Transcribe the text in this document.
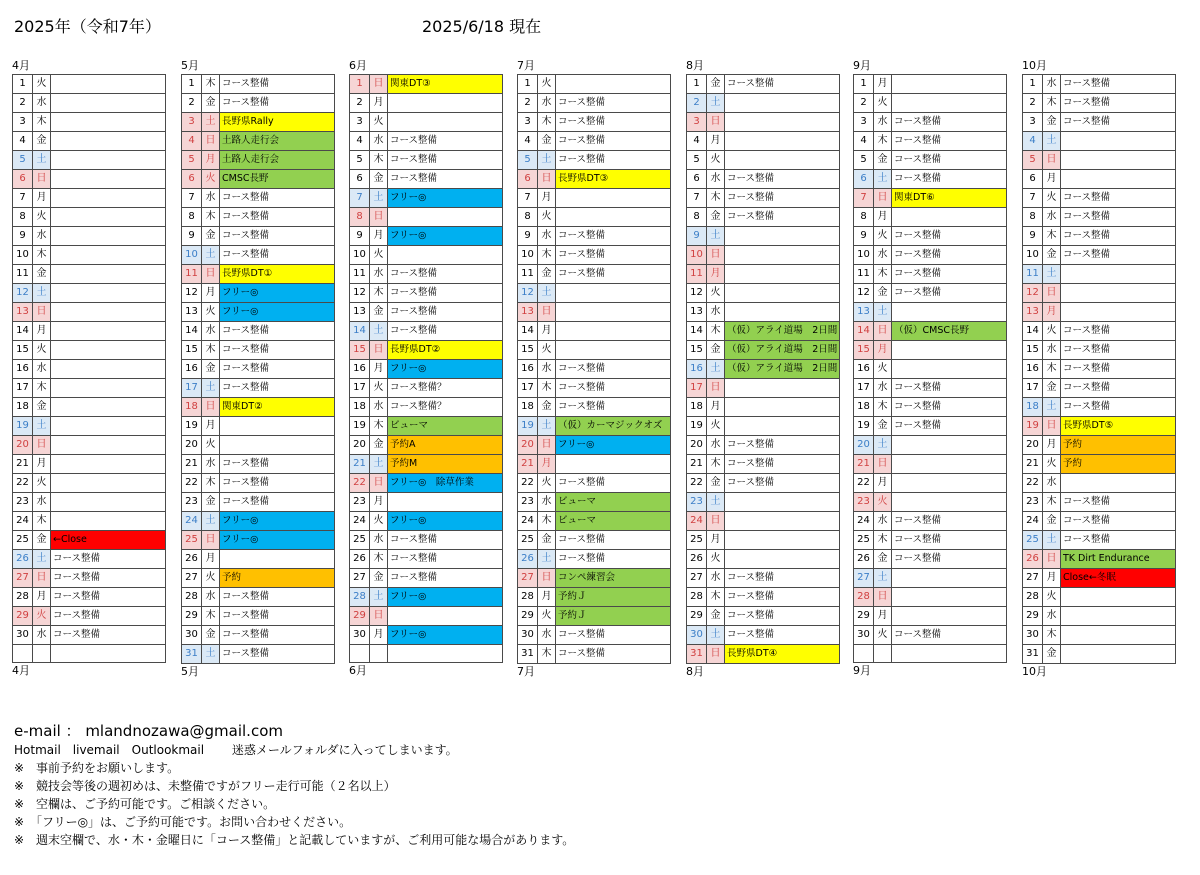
2025年（令和7年）	2025/6/18 現在
4月
1	火	
2	水	
3	木	
4	金	
5	土	
6	日	
7	月	
8	火	
9	水	
10	木	
11	金	
12	土	
13	日	
14	月	
15	火	
16	水	
17	木	
18	金	
19	土	
20	日	
21	月	
22	火	
23	水	
24	木	
25	金	←Close
26	土	コース整備
27	日	コース整備
28	月	コース整備
29	火	コース整備
30	水	コース整備

4月
5月
1	木	コース整備
2	金	コース整備
3	土	長野県Rally
4	日	土路人走行会
5	月	土路人走行会
6	火	CMSC長野
7	水	コース整備
8	木	コース整備
9	金	コース整備
10	土	コース整備
11	日	長野県DT①
12	月	フリー◎
13	火	フリー◎
14	水	コース整備
15	木	コース整備
16	金	コース整備
17	土	コース整備
18	日	関東DT②
19	月	
20	火	
21	水	コース整備
22	木	コース整備
23	金	コース整備
24	土	フリー◎
25	日	フリー◎
26	月	
27	火	予約
28	水	コース整備
29	木	コース整備
30	金	コース整備
31	土	コース整備
5月
6月
1	日	関東DT③
2	月	
3	火	
4	水	コース整備
5	木	コース整備
6	金	コース整備
7	土	フリー◎
8	日	
9	月	フリー◎
10	火	
11	水	コース整備
12	木	コース整備
13	金	コース整備
14	土	コース整備
15	日	長野県DT②
16	月	フリー◎
17	火	コース整備？
18	水	コース整備？
19	木	ビューマ
20	金	予約A
21	土	予約M
22	日	フリー◎　除草作業
23	月	
24	火	フリー◎
25	水	コース整備
26	木	コース整備
27	金	コース整備
28	土	フリー◎
29	日	
30	月	フリー◎

6月
7月
1	火	
2	水	コース整備
3	木	コース整備
4	金	コース整備
5	土	コース整備
6	日	長野県DT③
7	月	
8	火	
9	水	コース整備
10	木	コース整備
11	金	コース整備
12	土	
13	日	
14	月	
15	火	
16	水	コース整備
17	木	コース整備
18	金	コース整備
19	土	（仮）カーマジックオズ
20	日	フリー◎
21	月	
22	火	コース整備
23	水	ビューマ
24	木	ビューマ
25	金	コース整備
26	土	コース整備
27	日	コンペ練習会
28	月	予約Ｊ
29	火	予約Ｊ
30	水	コース整備
31	木	コース整備
7月
8月
1	金	コース整備
2	土	
3	日	
4	月	
5	火	
6	水	コース整備
7	木	コース整備
8	金	コース整備
9	土	
10	日	
11	月	
12	火	
13	水	
14	木	（仮）アライ道場　2日間
15	金	（仮）アライ道場　2日間
16	土	（仮）アライ道場　2日間
17	日	
18	月	
19	火	
20	水	コース整備
21	木	コース整備
22	金	コース整備
23	土	
24	日	
25	月	
26	火	
27	水	コース整備
28	木	コース整備
29	金	コース整備
30	土	コース整備
31	日	長野県DT④
8月
9月
1	月	
2	火	
3	水	コース整備
4	木	コース整備
5	金	コース整備
6	土	コース整備
7	日	関東DT⑥
8	月	
9	火	コース整備
10	水	コース整備
11	木	コース整備
12	金	コース整備
13	土	
14	日	（仮）CMSC長野
15	月	
16	火	
17	水	コース整備
18	木	コース整備
19	金	コース整備
20	土	
21	日	
22	月	
23	火	
24	水	コース整備
25	木	コース整備
26	金	コース整備
27	土	
28	日	
29	月	
30	火	コース整備

9月
10月
1	水	コース整備
2	木	コース整備
3	金	コース整備
4	土	
5	日	
6	月	
7	火	コース整備
8	水	コース整備
9	木	コース整備
10	金	コース整備
11	土	
12	日	
13	月	
14	火	コース整備
15	水	コース整備
16	木	コース整備
17	金	コース整備
18	土	コース整備
19	日	長野県DT⑤
20	月	予約
21	火	予約
22	水	
23	木	コース整備
24	金	コース整備
25	土	コース整備
26	日	TK Dirt Endurance
27	月	Close←冬眠
28	火	
29	水	
30	木	
31	金	
10月
e-mail ： mlandnozawa@gmail.com
Hotmail　livemail　Outlookmail 　　迷惑メールフォルダに入ってしまいます。
※　事前予約をお願いします。
※　競技会等後の週初めは、未整備ですがフリー走行可能（２名以上）
※　空欄は、ご予約可能です。ご相談ください。
※　「フリー◎」は、ご予約可能です。お問い合わせください。
※　週末空欄で、水・木・金曜日に「コース整備」と記載していますが、ご利用可能な場合があります。
